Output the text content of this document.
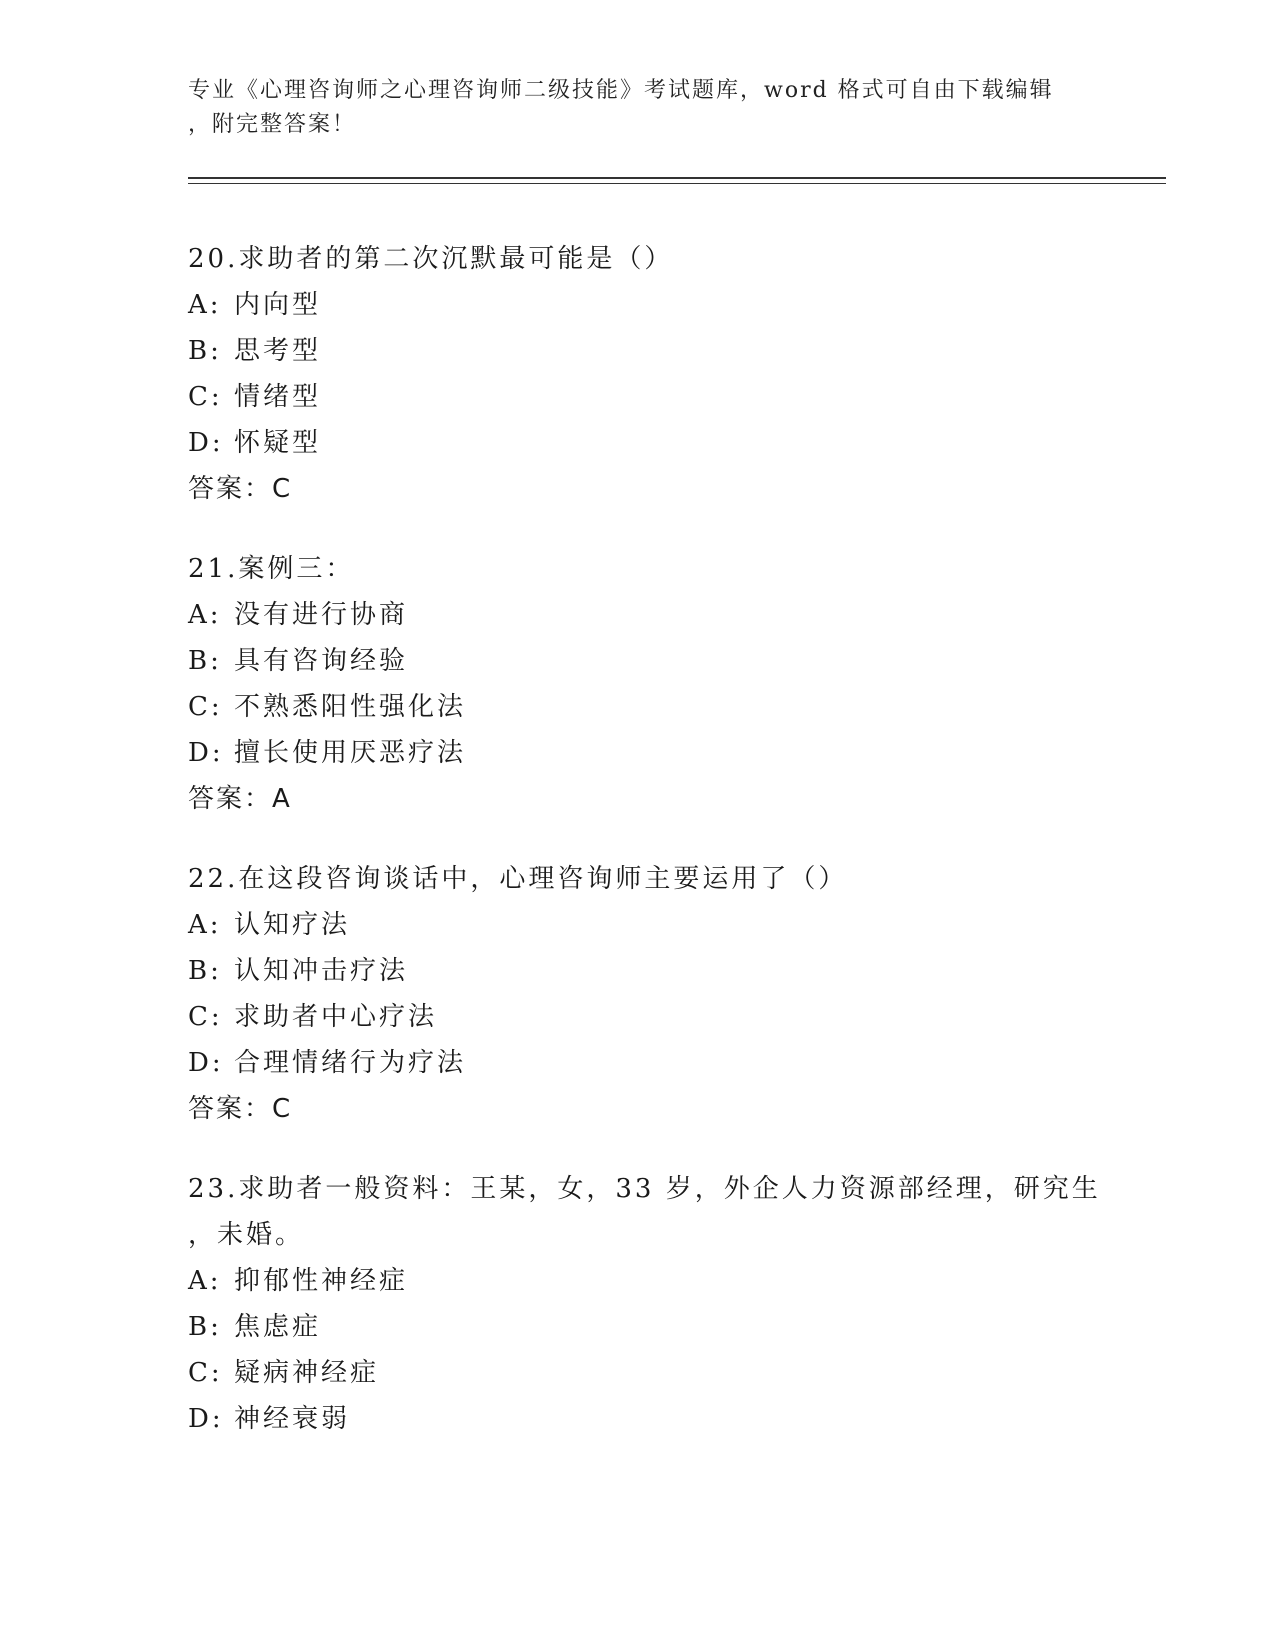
专业《心理咨询师之心理咨询师二级技能》考试题库，word 格式可自由下载编辑
，附完整答案！
20.求助者的第二次沉默最可能是（）
A: 内向型
B: 思考型
C: 情绪型
D: 怀疑型
答案：C
21.案例三：
A: 没有进行协商
B: 具有咨询经验
C: 不熟悉阳性强化法
D: 擅长使用厌恶疗法
答案：A
22.在这段咨询谈话中，心理咨询师主要运用了（）
A: 认知疗法
B: 认知冲击疗法
C: 求助者中心疗法
D: 合理情绪行为疗法
答案：C
23.求助者一般资料：王某，女，33 岁，外企人力资源部经理，研究生
，未婚。
A: 抑郁性神经症
B: 焦虑症
C: 疑病神经症
D: 神经衰弱
